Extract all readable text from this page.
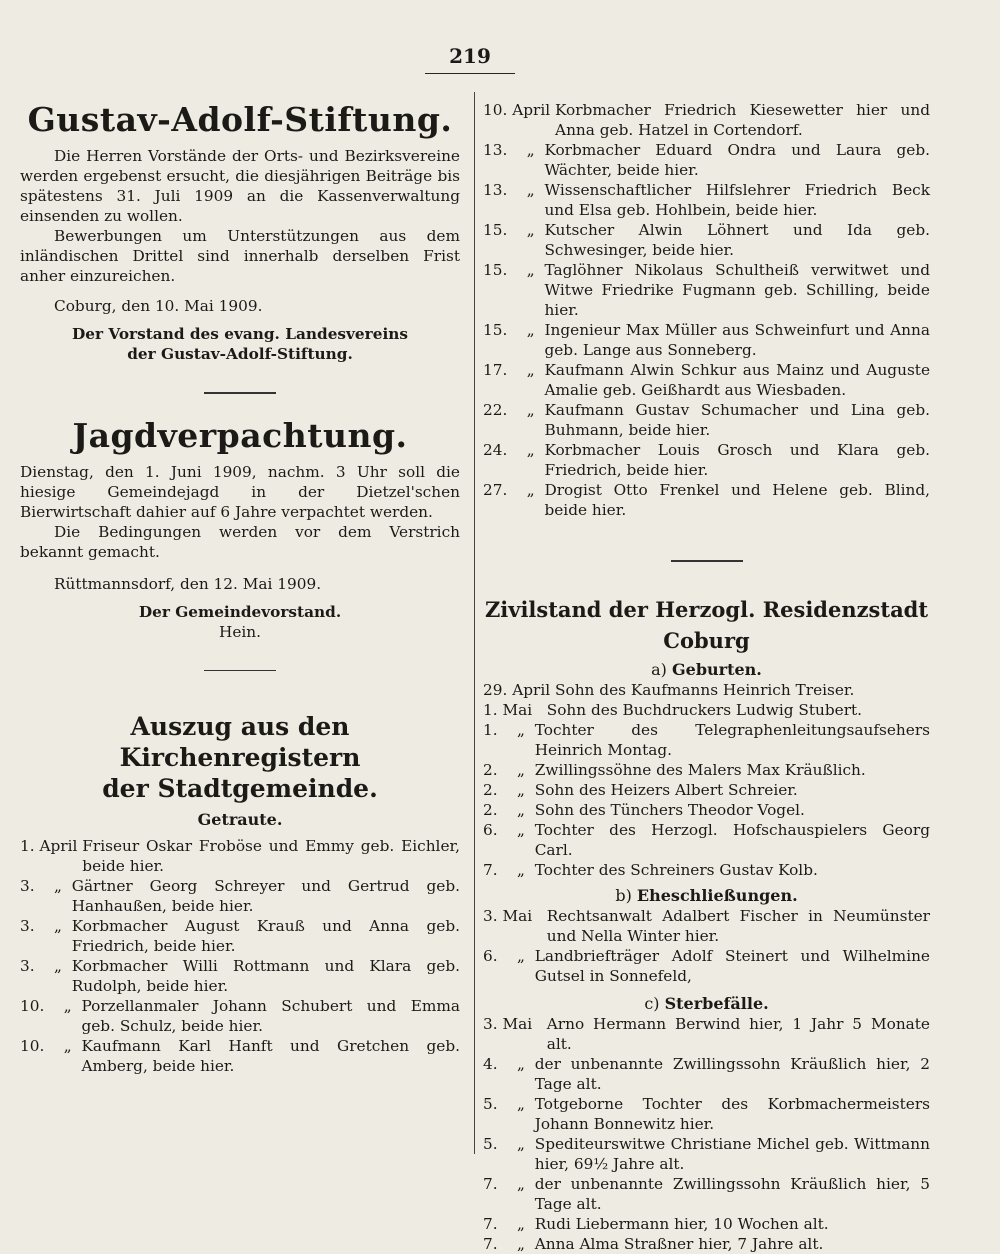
219
Gustav-Adolf-Stiftung.

Die Herren Vorstände der Orts- und Bezirksvereine werden ergebenst ersucht, die diesjährigen Beiträge bis spätestens 31. Juli 1909 an die Kassenverwaltung einsenden zu wollen.

Bewerbungen um Unterstützungen aus dem inländischen Drittel sind innerhalb derselben Frist anher einzureichen.

Coburg, den 10. Mai 1909.

Der Vorstand des evang. Landesvereins

der Gustav-Adolf-Stiftung.

Jagdverpachtung.

Dienstag, den 1. Juni 1909, nachm. 3 Uhr soll die hiesige Gemeindejagd in der Dietzel'schen Bierwirtschaft dahier auf 6 Jahre verpachtet werden.

Die Bedingungen werden vor dem Verstrich bekannt gemacht.

Rüttmannsdorf, den 12. Mai 1909.

Der Gemeindevorstand.

Hein.

Auszug aus den Kirchenregistern
der Stadtgemeinde.
Getraute.
1. April
Friseur Oskar Froböse und Emmy geb. Eichler, beide hier.
3.    „
Gärtner Georg Schreyer und Gertrud geb. Hanhaußen, beide hier.
3.    „
Korbmacher August Krauß und Anna geb. Friedrich, beide hier.
3.    „
Korbmacher Willi Rottmann und Klara geb. Rudolph, beide hier.
10.    „
Porzellanmaler Johann Schubert und Emma geb. Schulz, beide hier.
10.    „
Kaufmann Karl Hanft und Gretchen geb. Amberg, beide hier.
10. April
Korbmacher Friedrich Kiesewetter hier und Anna geb. Hatzel in Cortendorf.
13.    „
Korbmacher Eduard Ondra und Laura geb. Wächter, beide hier.
13.    „
Wissenschaftlicher Hilfslehrer Friedrich Beck und Elsa geb. Hohlbein, beide hier.
15.    „
Kutscher Alwin Löhnert und Ida geb. Schwesinger, beide hier.
15.    „
Taglöhner Nikolaus Schultheiß verwitwet und Witwe Friedrike Fugmann geb. Schilling, beide hier.
15.    „
Ingenieur Max Müller aus Schweinfurt und Anna geb. Lange aus Sonneberg.
17.    „
Kaufmann Alwin Schkur aus Mainz und Auguste Amalie geb. Geißhardt aus Wiesbaden.
22.    „
Kaufmann Gustav Schumacher und Lina geb. Buhmann, beide hier.
24.    „
Korbmacher Louis Grosch und Klara geb. Friedrich, beide hier.
27.    „
Drogist Otto Frenkel und Helene geb. Blind, beide hier.
Zivilstand der Herzogl. Residenzstadt Coburg

a) Geburten.

29. April
Sohn des Kaufmanns Heinrich Treiser.
1. Mai
Sohn des Buchdruckers Ludwig Stubert.
1.    „
Tochter des Telegraphenleitungsaufsehers Heinrich Montag.
2.    „
Zwillingssöhne des Malers Max Kräußlich.
2.    „
Sohn des Heizers Albert Schreier.
2.    „
Sohn des Tünchers Theodor Vogel.
6.    „
Tochter des Herzogl. Hofschauspielers Georg Carl.
7.    „
Tochter des Schreiners Gustav Kolb.

b) Eheschließungen.

3. Mai
Rechtsanwalt Adalbert Fischer in Neumünster und Nella Winter hier.
6.    „
Landbriefträger Adolf Steinert und Wilhelmine Gutsel in Sonnefeld,

c) Sterbefälle.

3. Mai
Arno Hermann Berwind hier, 1 Jahr 5 Monate alt.
4.    „
der unbenannte Zwillingssohn Kräußlich hier, 2 Tage alt.
5.    „
Totgeborne Tochter des Korbmachermeisters Johann Bonnewitz hier.
5.    „
Spediteurswitwe Christiane Michel geb. Wittmann hier, 69½ Jahre alt.
7.    „
der unbenannte Zwillingssohn Kräußlich hier, 5 Tage alt.
7.    „
Rudi Liebermann hier, 10 Wochen alt.
7.    „
Anna Alma Straßner hier, 7 Jahre alt.
